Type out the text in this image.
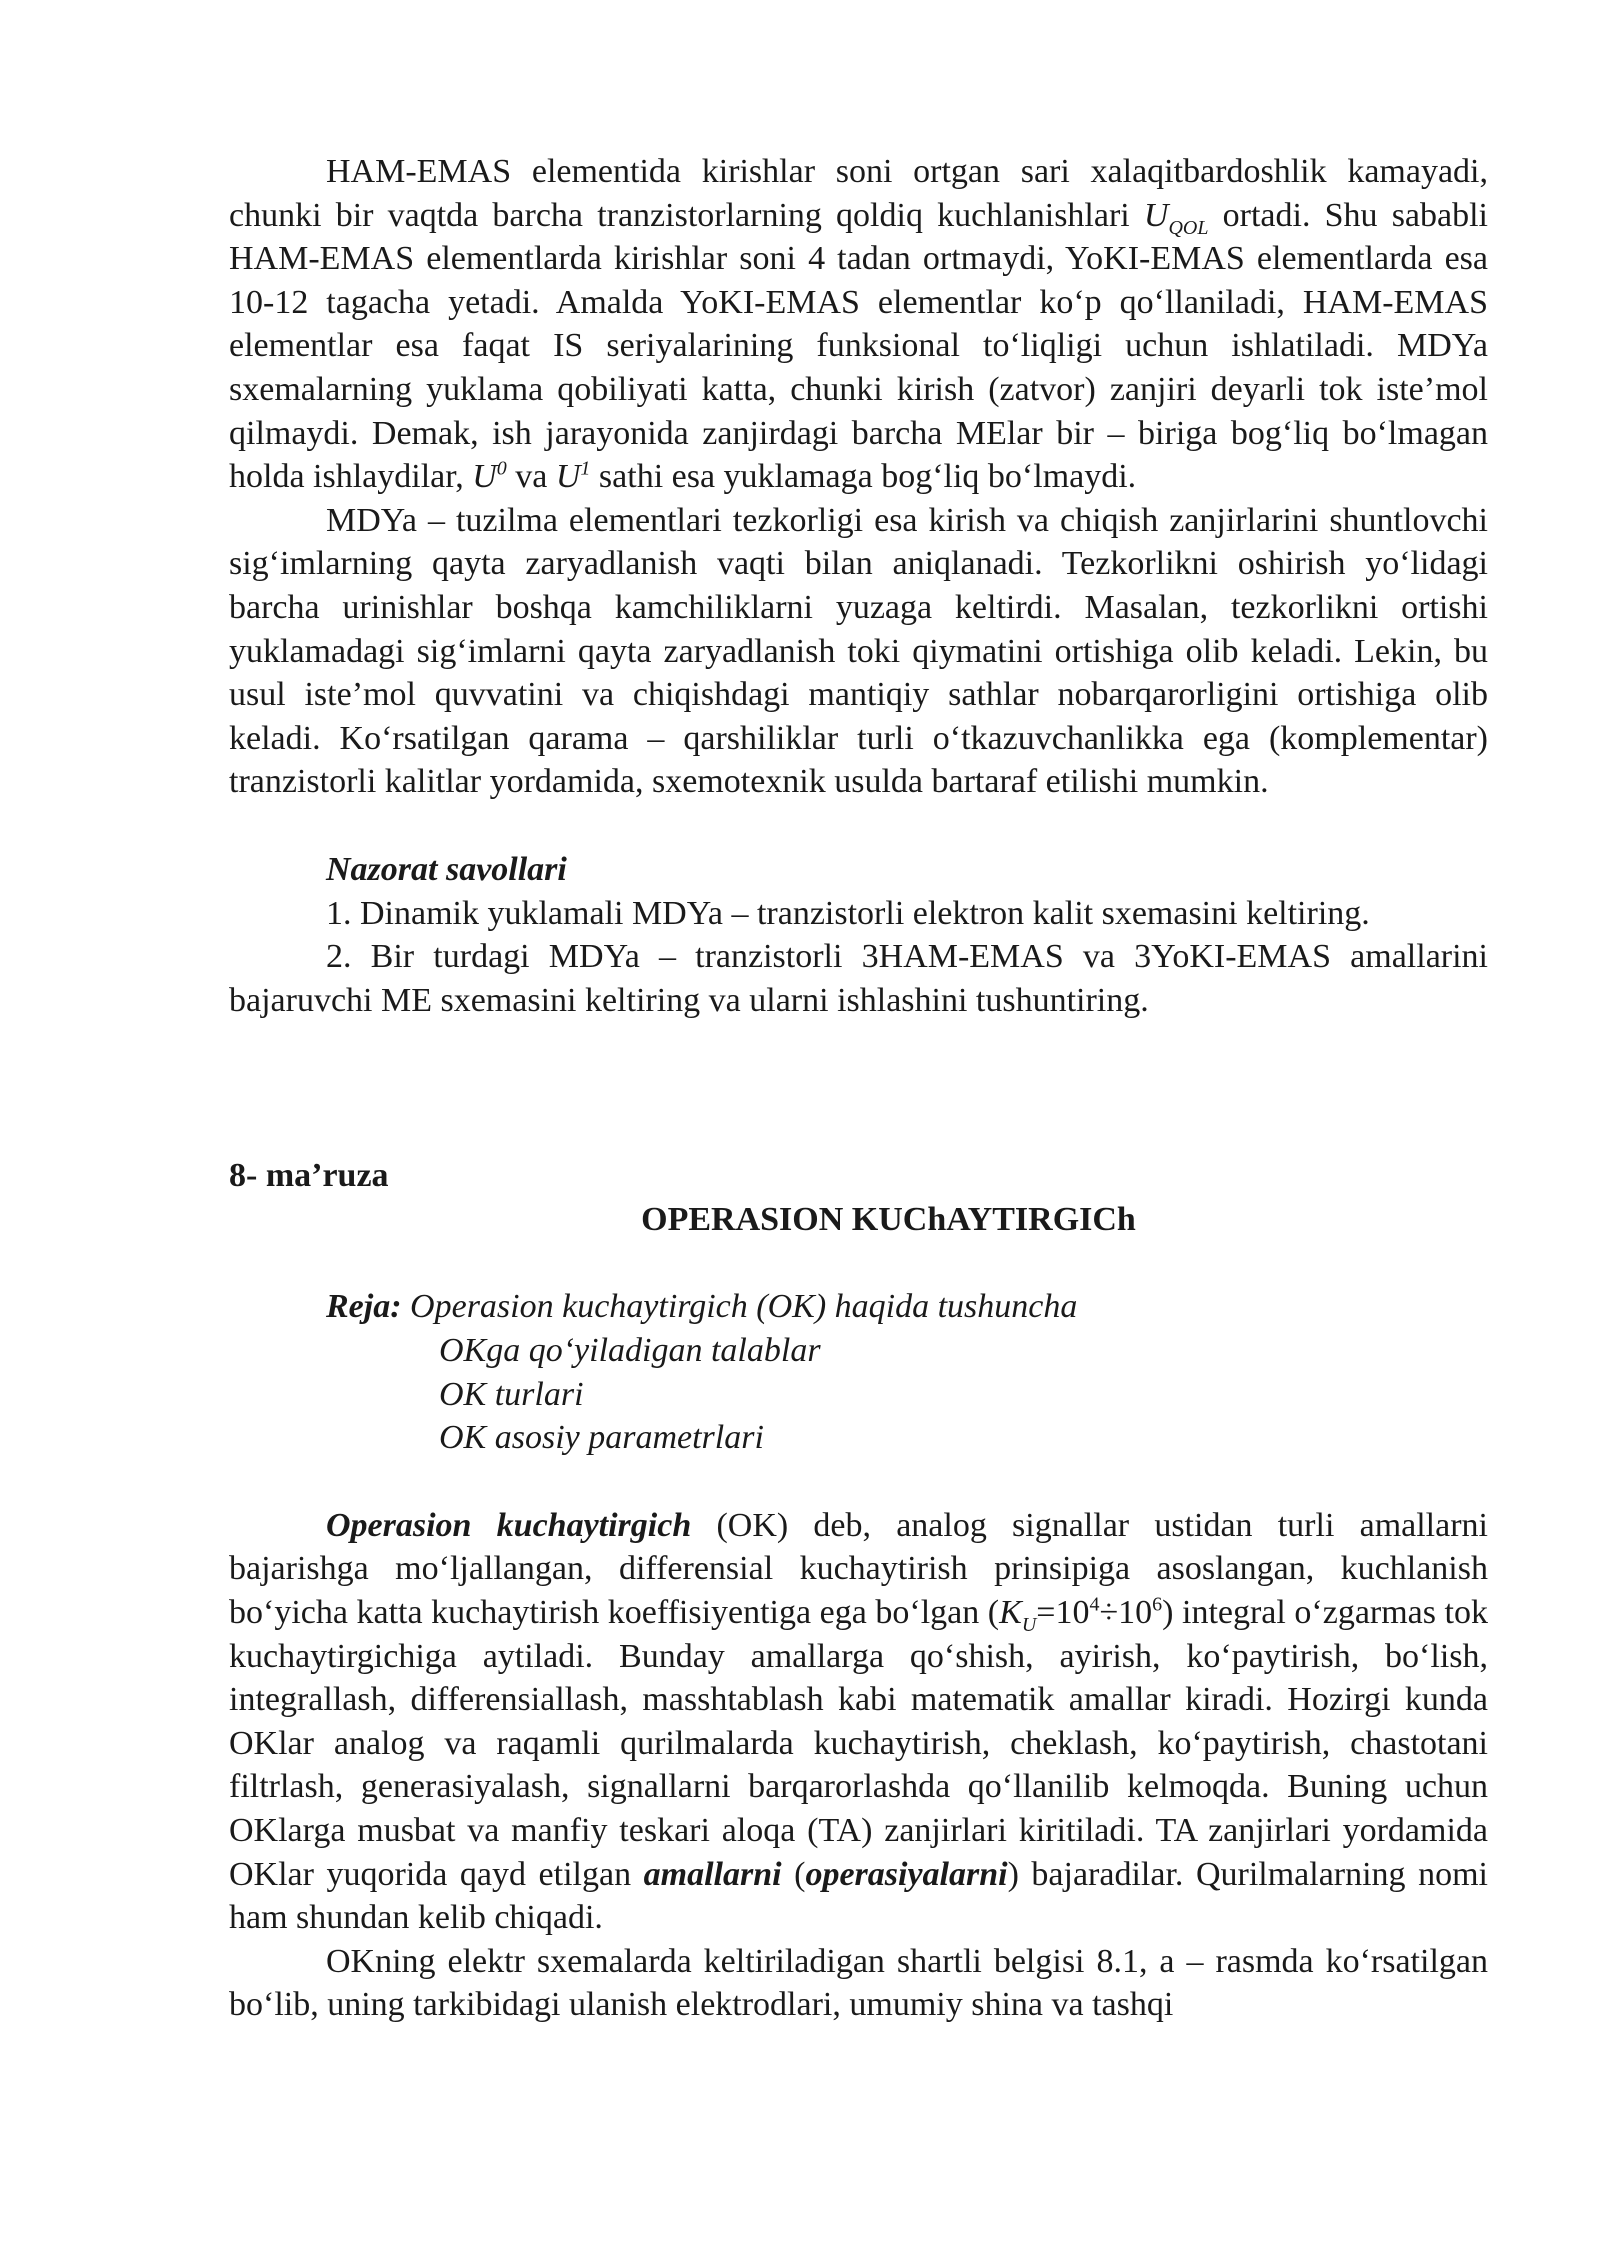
HAM-EMAS elementida kirishlar soni ortgan sari xalaqitbardoshlik kamayadi, chunki bir vaqtda barcha tranzistorlarning qoldiq kuchlanishlari $U_{QOL}$ ortadi. Shu sababli HAM-EMAS elementlarda kirishlar soni 4 tadan ortmaydi, YoKI-EMAS elementlarda esa 10-12 tagacha yetadi. Amalda YoKI-EMAS elementlar ko‘p qo‘llaniladi, HAM-EMAS elementlar esa faqat IS seriyalarining funksional to‘liqligi uchun ishlatiladi. MDYa sxemalarning yuklama qobiliyati katta, chunki kirish (zatvor) zanjiri deyarli tok iste’mol qilmaydi. Demak, ish jarayonida zanjirdagi barcha MElar bir – biriga bog‘liq bo‘lmagan holda ishlaydilar, $U^0$ va $U^1$ sathi esa yuklamaga bog‘liq bo‘lmaydi.

MDYa – tuzilma elementlari tezkorligi esa kirish va chiqish zanjirlarini shuntlovchi sig‘imlarning qayta zaryadlanish vaqti bilan aniqlanadi. Tezkorlikni oshirish yo‘lidagi barcha urinishlar boshqa kamchiliklarni yuzaga keltirdi. Masalan, tezkorlikni ortishi yuklamadagi sig‘imlarni qayta zaryadlanish toki qiymatini ortishiga olib keladi. Lekin, bu usul iste’mol quvvatini va chiqishdagi mantiqiy sathlar nobarqarorligini ortishiga olib keladi. Ko‘rsatilgan qarama – qarshiliklar turli o‘tkazuvchanlikka ega (komplementar) tranzistorli kalitlar yordamida, sxemotexnik usulda bartaraf etilishi mumkin.

Nazorat savollari

1. Dinamik yuklamali MDYa – tranzistorli elektron kalit sxemasini keltiring.

2. Bir turdagi MDYa – tranzistorli 3HAM-EMAS va 3YoKI-EMAS amallarini bajaruvchi ME sxemasini keltiring va ularni ishlashini tushuntiring.

8- ma’ruza
OPERASION KUChAYTIRGICh
Reja: Operasion kuchaytirgich (OK) haqida tushuncha
OKga qo‘yiladigan talablar
OK turlari
OK asosiy parametrlari

Operasion kuchaytirgich (OK) deb, analog signallar ustidan turli amallarni bajarishga mo‘ljallangan, differensial kuchaytirish prinsipiga asoslangan, kuchlanish bo‘yicha katta kuchaytirish koeffisiyentiga ega bo‘lgan $(K_U=10^4\div 10^6)$ integral o‘zgarmas tok kuchaytirgichiga aytiladi. Bunday amallarga qo‘shish, ayirish, ko‘paytirish, bo‘lish, integrallash, differensiallash, masshtablash kabi matematik amallar kiradi. Hozirgi kunda OKlar analog va raqamli qurilmalarda kuchaytirish, cheklash, ko‘paytirish, chastotani filtrlash, generasiyalash, signallarni barqarorlashda qo‘llanilib kelmoqda. Buning uchun OKlarga musbat va manfiy teskari aloqa (TA) zanjirlari kiritiladi. TA zanjirlari yordamida OKlar yuqorida qayd etilgan amallarni (operasiyalarni) bajaradilar. Qurilmalarning nomi ham shundan kelib chiqadi.

OKning elektr sxemalarda keltiriladigan shartli belgisi 8.1, a – rasmda ko‘rsatilgan bo‘lib, uning tarkibidagi ulanish elektrodlari, umumiy shina va tashqi
